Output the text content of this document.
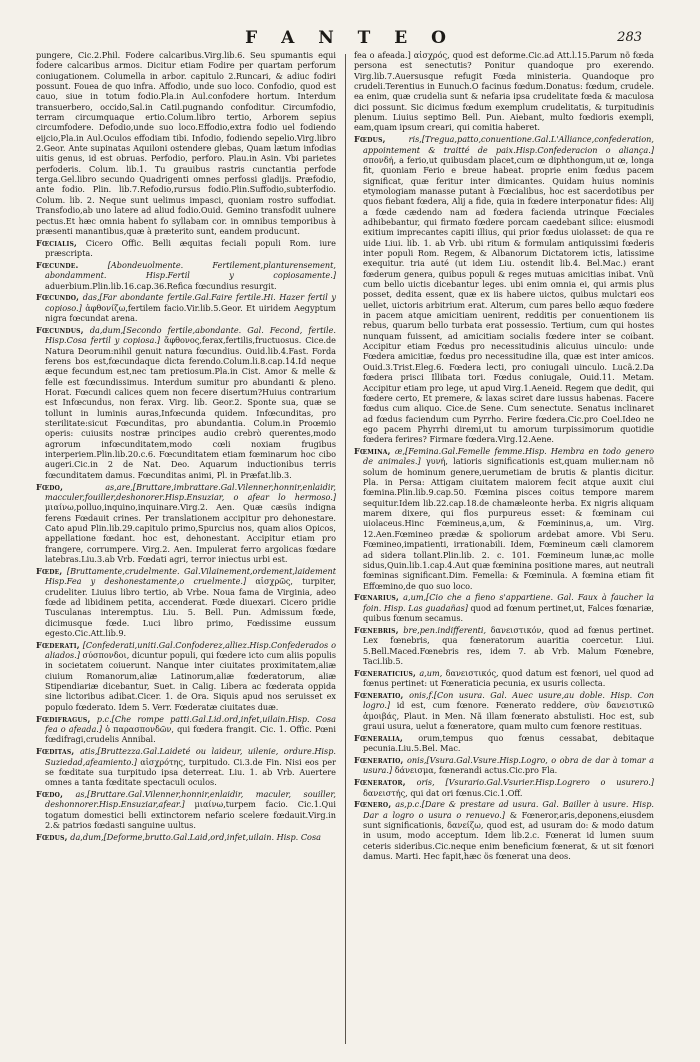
F A N T E O	283

pungere, Cic.2.Phil. Fodere calcaribus.Virg.lib.6. Seu spumantis equi fodere calcaribus armos. Dicitur etiam Fodire per quartam perforum coniugationem. Columella in arbor. capitulo 2.Runcari, & adiuc fodiri possunt. Fouea de quo infra. Affodio, unde suo loco. Confodio, quod est cauo, siue in totum fodio.Pla.in Aul.confodere hortum. Interdum transuerbero, occido,Sal.in Catil.pugnando confoditur. Circumfodio, terram circumquaque ertio.Colum.libro tertio, Arborem sepius circumfodere. Defodio,unde suo loco.Effodio,extra fodio uel fodiendo eijcio,Pla.in Aul.Oculos effodiam tibi. Infodio, fodiendo sepelio.Virg.libro 2.Geor. Ante supinatas Aquiloni ostendere glebas, Quam lætum infodias uitis genus, id est obruas. Perfodio, perforo. Plau.in Asin. Vbi parietes perfoderis. Colum. lib.1. Tu grauibus rastris cunctantia perfode terga.Gel.libro secundo Quadrigenti omnes perfossi gladijs. Præfodio, ante fodio. Plin. lib.7.Refodio,rursus fodio.Plin.Suffodio,subterfodio. Colum. lib. 2. Neque sunt uelimus impasci, quoniam rostro suffodiat. Transfodio,ab uno latere ad aliud fodio.Ouid. Gemino transfodit uulnere pectus.Et hæc omnia habent fo syllabam cor. in omnibus temporibus à præsenti manantibus,quæ à præterito sunt, eandem producunt.

Fœcialis, Cicero Offic. Belli æquitas feciali populi Rom. iure præscripta.

Fœcunde.	[Abondeuolmente. Fertilement,planturensement, abondamment. Hisp.Fertil y copiosamente.] aduerbium.Plin.lib.16.cap.36.Refica fœcundius resurgit.

Fœcundo, das,[Far abondante fertile.Gal.Faire fertile.Hi. Hazer fertil y copioso.] ἀφθονίζω,fertilem facio.Vir.lib.5.Geor. Et uiridem Aegyptum nigra fœcundat arena.

Fœcundus, da,dum,[Secondo fertile,abondante. Gal. Fecond, fertile. Hisp.Cosa fertil y copiosa.] ἄφθονος,ferax,fertilis,fructuosus. Cice.de Natura Deorum:nihil genuit natura fœcundius. Ouid.lib.4.Fast. Forda ferens bos est,fœcundaque dicta ferendo.Colum.li.8.cap.14.Id neque æque fecundum est,nec tam pretiosum.Pla.in Cist. Amor & melle & felle est fœcundissimus. Interdum sumitur pro abundanti & pleno. Horat. Fœcundi calices quem non fecere disertum?Huius contrarium est Infœcundus, non ferax. Virg. lib. Geor.2. Sponte sua, quæ se tollunt in luminis auras,Infœcunda quidem. Infœcunditas, pro sterilitate:sicut Fœcunditas, pro abundantia. Colum.in Proœmio operis: cuiusits nostræ principes audio crebrò querentes,modo agrorum infœcunditatem,modo cœli noxiam frugibus interperiem.Plin.lib.20.c.6. Fœcunditatem etiam fœminarum hoc cibo augeri.Cic.in 2 de Nat. Deo. Aquarum inductionibus terris fœcunditatem damus. Fœcunditas animi, Pl. in Præfat.lib.3.

Fœdo,	as,are,[Bruttare,imbrattare.Gal.Vilenner,honnir,enlaidir, macculer,fouiller,deshonorer.Hisp.Ensuziar, o afear lo hermoso.] μιαίνω,polluo,inquino,inquinare.Virg.2. Aen. Quæ cæsüs indigna ferens Fœdauit crines. Per translationem accipitur pro dehonestare. Cato apud Plin.lib.29.capitulo primo,Spurcius nos, quam alios Opicos, appellatione fœdant. hoc est, dehonestant. Accipitur etiam pro frangere, corrumpere. Virg.2. Aen. Impulerat ferro argolicas fœdare latebras.Liu.3.ab Vrb. Fœdati agri, terror iniectus urbi est.

Fœde, [Bruttamente,crudelmente. Gal.Vilainement,ordement,laidement Hisp.Fea y deshonestamente,o cruelmente.] αἰσχρῶς, turpiter, crudeliter. Liuius libro tertio, ab Vrbe. Noua fama de Virginia, adeo fœde ad libidinem petita, accenderat. Fœde diuexari. Cicero pridie Tusculanas interemptus. Liu. 5. Bell. Pun. Admissum fœde, dicimusque fœde. Luci libro primo, Fœdissime eussum egesto.Cic.Att.lib.9.

Fœderati, [Confederati,uniti.Gal.Confoderez,alliez.Hisp.Confederados o aliados.] σύσπονδοι, dicuntur populi, qui fœdere icto cum aliis populis in societatem coiuerunt. Nanque inter ciuitates proximitatem,aliæ ciuium Romanorum,aliæ Latinorum,aliæ fœderatorum, aliæ Stipendiariæ dicebantur, Suet. in Calig. Libera ac fœderata oppida sine lictoribus adibat.Cicer. 1. de Ora. Siquis apud nos seruisset ex populo fœderato. Idem 5. Verr. Fœderatæ ciuitates duæ.

Fœdifragus, p.c.[Che rompe patti.Gal.Lid.ord,infet,uilain.Hisp. Cosa fea o afeada.] ὁ παρασπονδῶν, qui fœdera frangit. Cic. 1. Offic. Pœni fœdifragi,crudelis Annibal.

Fœditas, atis,[Bruttezza.Gal.Laideté ou laideur, uilenie, ordure.Hisp. Suziedad,afeamiento.] αἰσχρότης, turpitudo. Ci.3.de Fin. Nisi eos per se fœditate sua turpitudo ipsa deterreat. Liu. 1. ab Vrb. Auertere omnes a tanta fœditate spectaculi oculos.

Fœdo, as,[Bruttare.Gal.Vilenner,honnir,enlaidir, maculer, souiller, deshonnorer.Hisp.Ensuziar,afear.] μιαίνω,turpem facio. Cic.1.Qui togatum domestici belli extinctorem nefario scelere fœdauit.Virg.in 2.& patrios fœdasti sanguine uultus.

Fœdus, da,dum,[Deforme,brutto.Gal.Laid,ord,infet,uilain. Hisp. Cosa

fea o afeada.] αἰσχρός, quod est deforme.Cic.ad Att.l.15.Parum nõ fœda persona est senectutis? Ponitur quandoque pro exerendo. Virg.lib.7.Auersusque refugit Fœda ministeria. Quandoque pro crudeli.Terentius in Eunuch.O facinus fœdum.Donatus: fœdum, crudele. ea enim, quæ crudelia sunt & nefaria ipsa crudelitate fœda & maculosa dici possunt. Sic dicimus fœdum exemplum crudelitatis, & turpitudinis plenum. Liuius septimo Bell. Pun. Aiebant, multo fœdioris exempli, eam,quam ipsum creari, qui comitia haberet.

Fœdus,	ris,[Tregua,patto,conuentione.Gal.L'Alliance,confederation, appointement & traitté de paix.Hisp.Confederacion o aliança.] σπονδή, a ferio,ut quibusdam placet,cum œ diphthongum,ut œ, longa fit, quoniam Ferio e breue habeat. proprie enim fœdus pacem significat, quæ feritur inter dimicantes. Quidam huius nominis etymologiam manasse putant à Fœcialibus, hoc est sacerdotibus per quos fiebant fœdera, Alij a fide, quia in fœdere interponatur fides: Alij a fœde cædendo nam ad fœdera facienda utrinque Fœciales adhibebantur, qui firmato fœdere porcam caedebant silice: eiusmodi exitium imprecantes capiti illius, qui prior fœdus uiolasset: de qua re uide Liui. lib. 1. ab Vrb. ubi ritum & formulam antiquissimi fœderis inter populi Rom. Regem, & Albanorum Dictatorem ictis, latissime exequitur. tria auté (ut idem Liu. ostendit lib.4. Bel.Mac.) erant fœderum genera, quibus populi & reges mutuas amicitias inibat. Vnũ cum bello uictis dicebantur leges. ubi enim omnia ei, qui armis plus posset, dedita essent, quæ ex iis habere uictos, quibus mulctari eos uellet, uictoris arbitrium erat. Alterum, cum pares bello æquo fœdere in pacem atque amicitiam uenirent, redditis per conuentionem iis rebus, quarum bello turbata erat possessio. Tertium, cum qui hostes nunquam fuissent, ad amicitiam socialis fœdere inter se coibant. Accipitur etiam Fœdus pro necessitudinis alicuius uinculo: unde Fœdera amicitiæ, fœdus pro necessitudine illa, quæ est inter amicos. Ouid.3.Trist.Eleg.6. Fœdera lecti, pro coniugali uinculo. Lucã.2.Da fœdera prisci Illibata tori. Fœdus coniugale, Ouid.11. Metam. Accipitur etiam pro lege, ut apud Virg.1.Aeneid. Regem que dedit, qui fœdere certo, Et premere, & laxas sciret dare iussus habenas. Facere fœdus cum aliquo. Cice.de Sene. Cum senectute. Senatus inclinaret ad fœdus faciendum cum Pyrrho. Ferire fœdera.Cic.pro Coel.Ideo ne ego pacem Phyrrhi diremi,ut tu amorum turpissimorum quotidie fœdera ferires? Firmare fœdera.Virg.12.Aene.

Fœmina, æ,[Femina.Gal.Femelle femme.Hisp. Hembra en todo genero de animales.] γυνή, latioris significationis est,quam mulier.nam nõ solum de hominum genere,uerumetiam de brutis & plantis dicitur. Pla. in Persa: Attigam ciuitatem maiorem fecit atque auxit ciui fœmina.Plin.lib.9.cap.50. Fœmina pisces coitus tempore marem sequitur.Idem lib.22.cap.18.de chamæleonte herba. Ex nigris aliquam marem dixere, qui flos purpureus esset: & fœminam cui uiolaceus.Hinc Fœmineus,a,um, & Fœmininus,a, um. Virg. 12.Aen.Fœmineo prædæ & spoliorum ardebat amore. Vbi Seru. Fœmineo,impatienti, irrationabili. Idem, Fœmineum cæli clamorem ad sidera tollant.Plin.lib. 2. c. 101. Fœmineum lunæ,ac molle sidus,Quin.lib.1.cap.4.Aut quæ fœminina positione mares, aut neutrali fœminas significant.Dim. Femella: & Fœminula. A fœmina etiam fit Effœmino,de quo suo loco.

Fœnarius, a,um,[Cio che a fieno s'appartiene. Gal. Faux à faucher la foin. Hisp. Las guadañas] quod ad fœnum pertinet,ut, Falces fœnariæ, quibus fœnum secamus.

Fœnebris, bre,pen.indifferenti, δανειστικόν, quod ad fœnus pertinet. Lex fœnebris, qua fœneratorum auaritia coercetur. Liui. 5.Bell.Maced.Fœnebris res, idem 7. ab Vrb. Malum Fœnebre, Taci.lib.5.

Fœneraticius, a,um, δανειστικός, quod datum est fœnori, uel quod ad fœnus pertinet: ut Fœneraticia pecunia, ex usuris collecta.

Fœneratio, onis,f.[Con usura. Gal. Auec usure,au doble. Hisp. Con logro.] id est, cum fœnore. Fœnerato reddere, σὺν δανειστικῶ ἀμοιβάς, Plaut. in Men. Nã illam fœnerato abstulisti. Hoc est, sub graui usura, uelut a fœneratore, quam multo cum fœnore restituas.

Fœneralia, orum,tempus quo fœnus cessabat, debitaque pecunia.Liu.5.Bel. Mac.

Fœneratio, onis,[Vsura.Gal.Vsure.Hisp.Logro, o obra de dar à tomar a usura.] δάνεισμα, fœnerandi actus.Cic.pro Fla.

Fœnerator, oris, [Vsurario.Gal.Vsurier.Hisp.Logrero o usurero.] δανειστής, qui dat ori fœnus.Cic.1.Off.

Fœnero, as,p.c.[Dare & prestare ad usura. Gal. Bailler à usure. Hisp. Dar a logro o usura o renuevo.] & Fœneror,aris,deponens,eiusdem sunt significationis, δανείζω, quod est, ad usuram do: & modo datum in usum, modo acceptum. Idem lib.2.c. Fœnerat id lumen suum ceteris sideribus.Cic.neque enim beneficium fœnerat, & ut sit fœnori damus. Marti. Hec fapit,hæc ös fœnerat una deos.
